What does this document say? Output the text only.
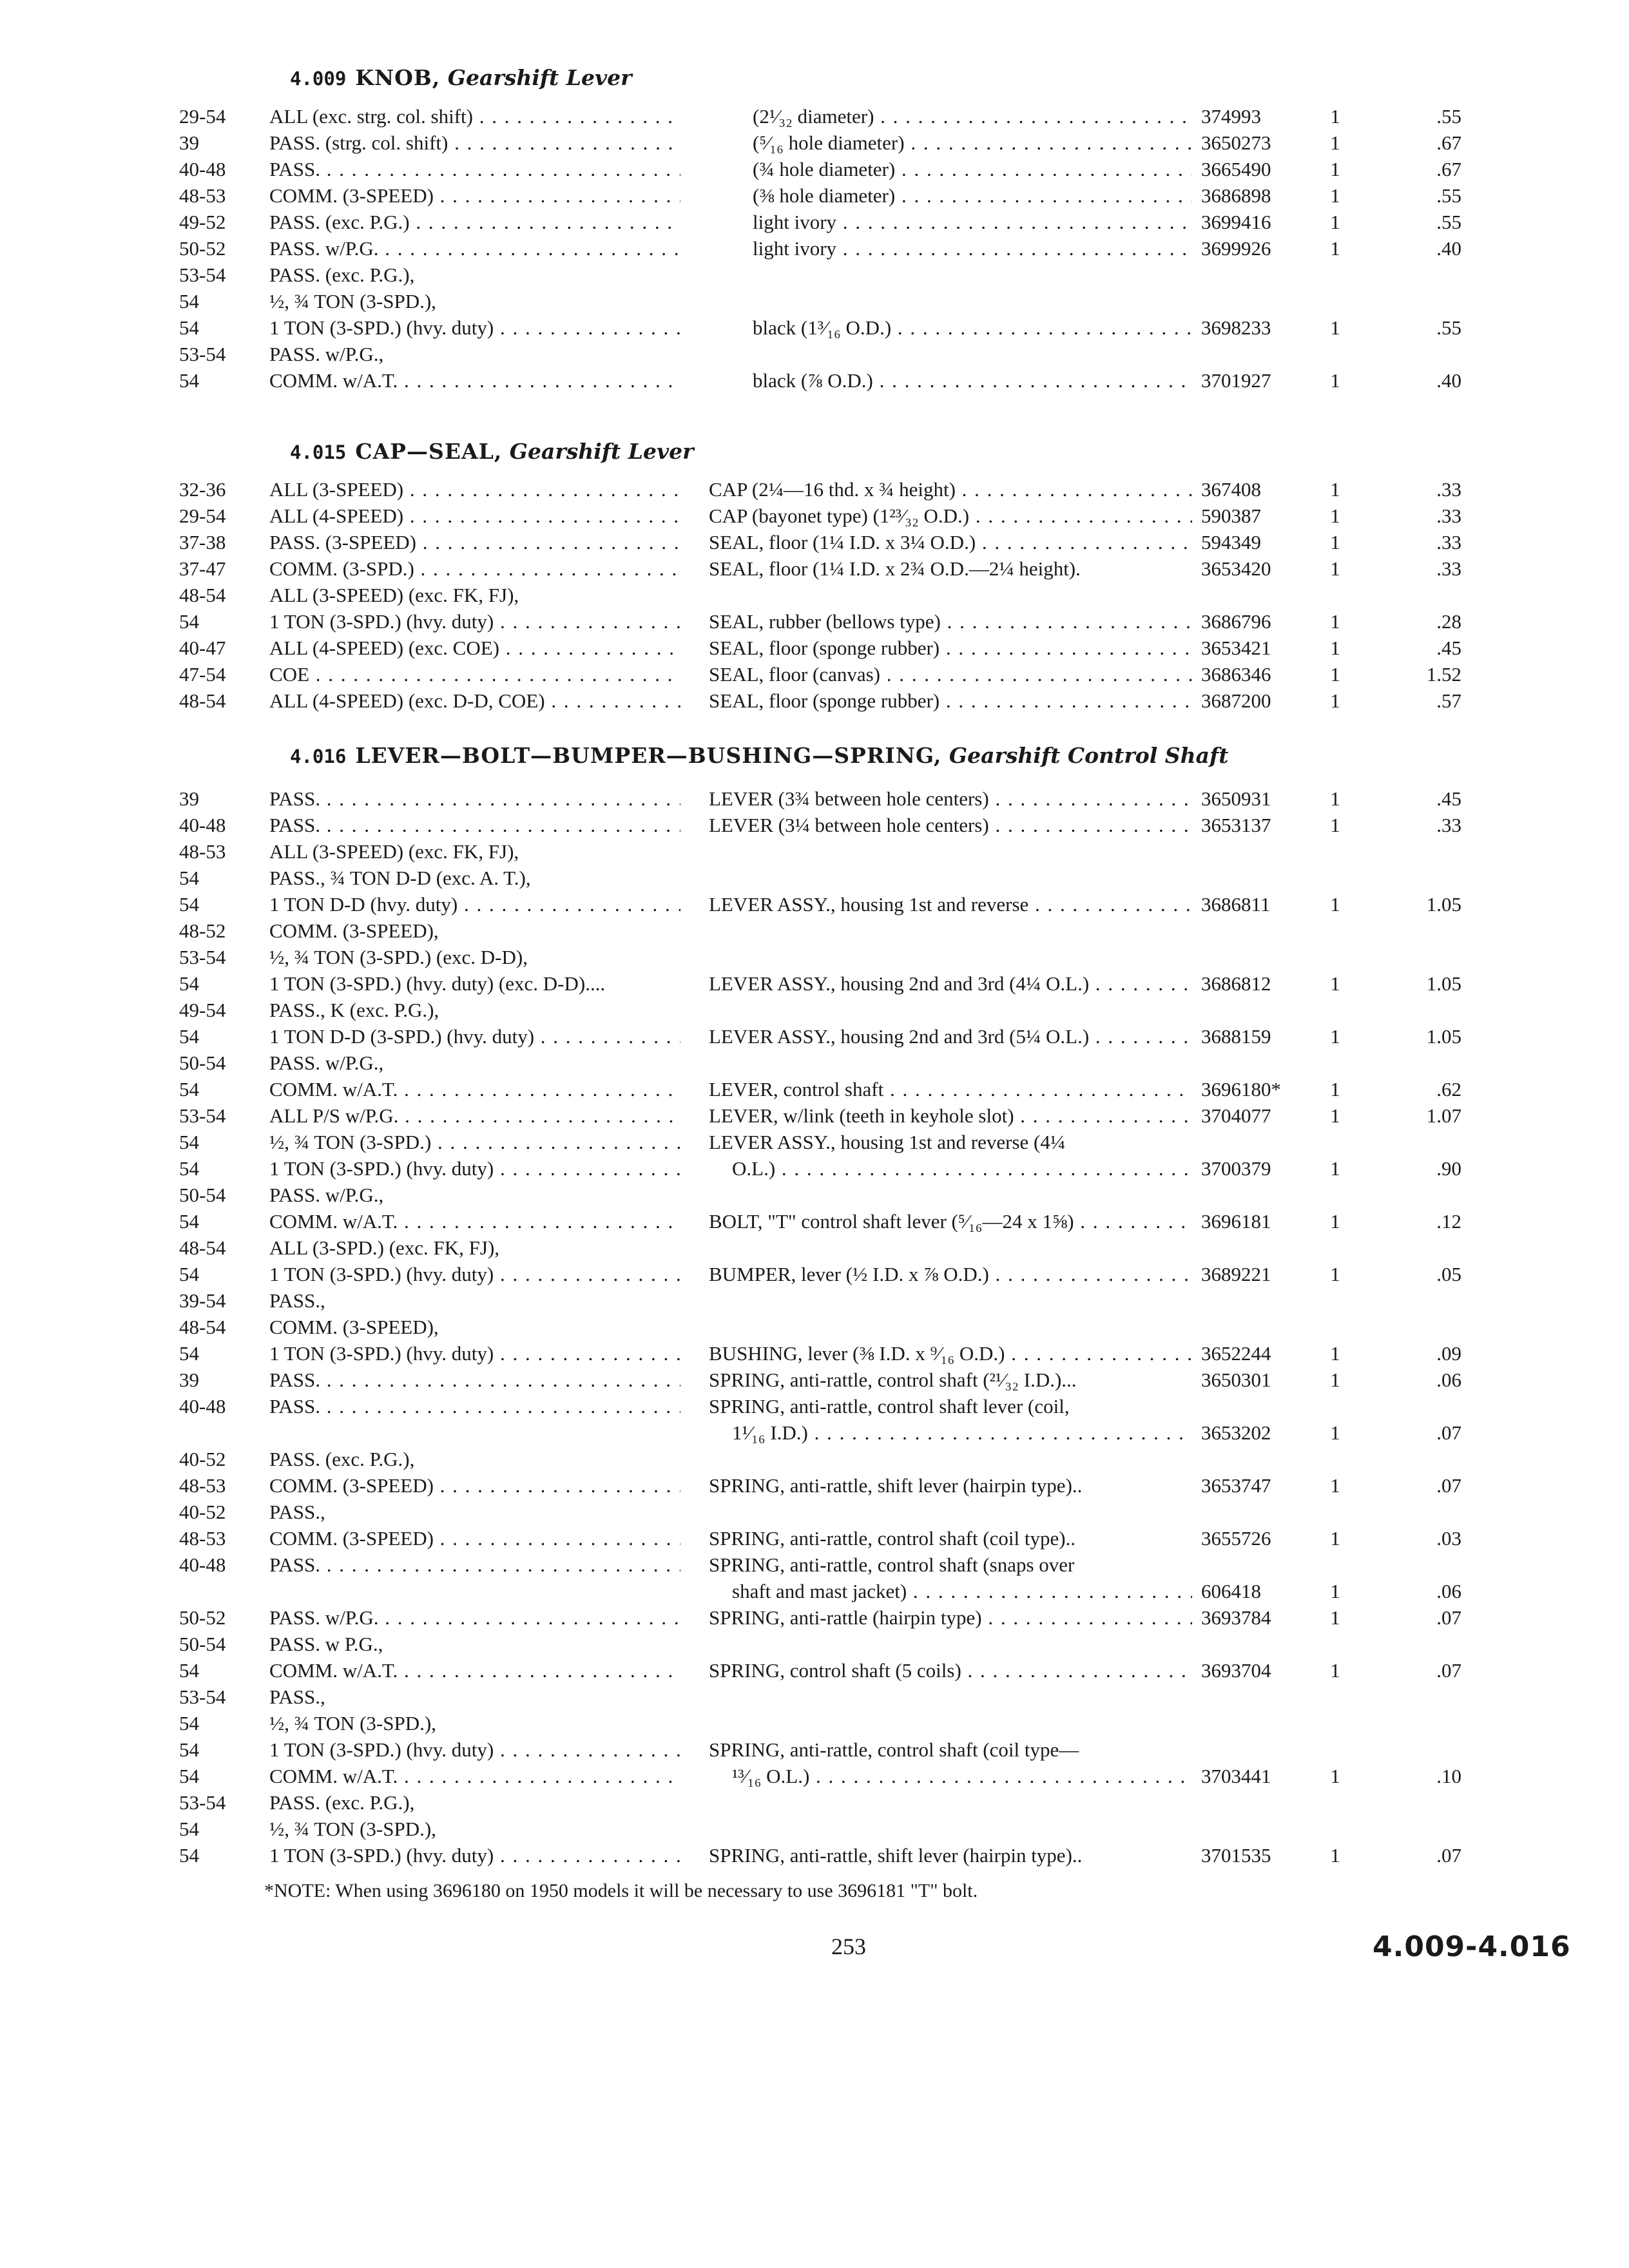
4.009 KNOB, Gearshift Lever
29-54	ALL (exc. strg. col. shift) . . .	(2¹⁄₃₂ diameter) . . .	374993	1	.55
39	PASS. (strg. col. shift) . . .	(⁵⁄₁₆ hole diameter) . . .	3650273	1	.67
40-48	PASS. . . .	(¾ hole diameter) . . .	3665490	1	.67
48-53	COMM. (3-SPEED) . . .	(⅜ hole diameter) . . .	3686898	1	.55
49-52	PASS. (exc. P.G.) . . .	light ivory . . .	3699416	1	.55
50-52	PASS. w/P.G. . . .	light ivory . . .	3699926	1	.40
53-54	PASS. (exc. P.G.),
54	½, ¾ TON (3-SPD.),
54	1 TON (3-SPD.) (hvy. duty) . . .	black (1³⁄₁₆ O.D.) . . .	3698233	1	.55
53-54	PASS. w/P.G.,
54	COMM. w/A.T. . . .	black (⅞ O.D.) . . .	3701927	1	.40
4.015 CAP—SEAL, Gearshift Lever
32-36	ALL (3-SPEED) . . .	CAP (2¼—16 thd. x ¾ height) . . .	367408	1	.33
29-54	ALL (4-SPEED) . . .	CAP (bayonet type) (1²³⁄₃₂ O.D.) . . .	590387	1	.33
37-38	PASS. (3-SPEED) . . .	SEAL, floor (1¼ I.D. x 3¼ O.D.) . . .	594349	1	.33
37-47	COMM. (3-SPD.) . . .	SEAL, floor (1¼ I.D. x 2¾ O.D.—2¼ height).	3653420	1	.33
48-54	ALL (3-SPEED) (exc. FK, FJ),
54	1 TON (3-SPD.) (hvy. duty) . . .	SEAL, rubber (bellows type) . . .	3686796	1	.28
40-47	ALL (4-SPEED) (exc. COE) . . .	SEAL, floor (sponge rubber) . . .	3653421	1	.45
47-54	COE . . .	SEAL, floor (canvas) . . .	3686346	1	1.52
48-54	ALL (4-SPEED) (exc. D-D, COE) . . .	SEAL, floor (sponge rubber) . . .	3687200	1	.57
4.016 LEVER—BOLT—BUMPER—BUSHING—SPRING, Gearshift Control Shaft
39	PASS. . . .	LEVER (3¾ between hole centers) . . .	3650931	1	.45
40-48	PASS. . . .	LEVER (3¼ between hole centers) . . .	3653137	1	.33
48-53	ALL (3-SPEED) (exc. FK, FJ),
54	PASS., ¾ TON D-D (exc. A. T.),
54	1 TON D-D (hvy. duty) . . .	LEVER ASSY., housing 1st and reverse . . .	3686811	1	1.05
48-52	COMM. (3-SPEED),
53-54	½, ¾ TON (3-SPD.) (exc. D-D),
54	1 TON (3-SPD.) (hvy. duty) (exc. D-D)....	LEVER ASSY., housing 2nd and 3rd (4¼ O.L.) . . .	3686812	1	1.05
49-54	PASS., K (exc. P.G.),
54	1 TON D-D (3-SPD.) (hvy. duty) . . .	LEVER ASSY., housing 2nd and 3rd (5¼ O.L.) . . .	3688159	1	1.05
50-54	PASS. w/P.G.,
54	COMM. w/A.T. . . .	LEVER, control shaft . . .	3696180*	1	.62
53-54	ALL P/S w/P.G. . . .	LEVER, w/link (teeth in keyhole slot) . . .	3704077	1	1.07
54	½, ¾ TON (3-SPD.) . . .	LEVER ASSY., housing 1st and reverse (4¼
54	1 TON (3-SPD.) (hvy. duty) . . .	O.L.) . . .	3700379	1	.90
50-54	PASS. w/P.G.,
54	COMM. w/A.T. . . .	BOLT, "T" control shaft lever (⁵⁄₁₆—24 x 1⅝) . . .	3696181	1	.12
48-54	ALL (3-SPD.) (exc. FK, FJ),
54	1 TON (3-SPD.) (hvy. duty) . . .	BUMPER, lever (½ I.D. x ⅞ O.D.) . . .	3689221	1	.05
39-54	PASS.,
48-54	COMM. (3-SPEED),
54	1 TON (3-SPD.) (hvy. duty) . . .	BUSHING, lever (⅜ I.D. x ⁹⁄₁₆ O.D.) . . .	3652244	1	.09
39	PASS. . . .	SPRING, anti-rattle, control shaft (²¹⁄₃₂ I.D.)...	3650301	1	.06
40-48	PASS. . . .	SPRING, anti-rattle, control shaft lever (coil,
1¹⁄₁₆ I.D.) . . .	3653202	1	.07
40-52	PASS. (exc. P.G.),
48-53	COMM. (3-SPEED) . . .	SPRING, anti-rattle, shift lever (hairpin type)..	3653747	1	.07
40-52	PASS.,
48-53	COMM. (3-SPEED) . . .	SPRING, anti-rattle, control shaft (coil type)..	3655726	1	.03
40-48	PASS. . . .	SPRING, anti-rattle, control shaft (snaps over
shaft and mast jacket) . . .	606418	1	.06
50-52	PASS. w/P.G. . . .	SPRING, anti-rattle (hairpin type) . . .	3693784	1	.07
50-54	PASS. w P.G.,
54	COMM. w/A.T. . . .	SPRING, control shaft (5 coils) . . .	3693704	1	.07
53-54	PASS.,
54	½, ¾ TON (3-SPD.),
54	1 TON (3-SPD.) (hvy. duty) . . .	SPRING, anti-rattle, control shaft (coil type—
54	COMM. w/A.T. . . .	¹³⁄₁₆ O.L.) . . .	3703441	1	.10
53-54	PASS. (exc. P.G.),
54	½, ¾ TON (3-SPD.),
54	1 TON (3-SPD.) (hvy. duty) . . .	SPRING, anti-rattle, shift lever (hairpin type)..	3701535	1	.07
*NOTE: When using 3696180 on 1950 models it will be necessary to use 3696181 "T" bolt.
253	4.009-4.016
